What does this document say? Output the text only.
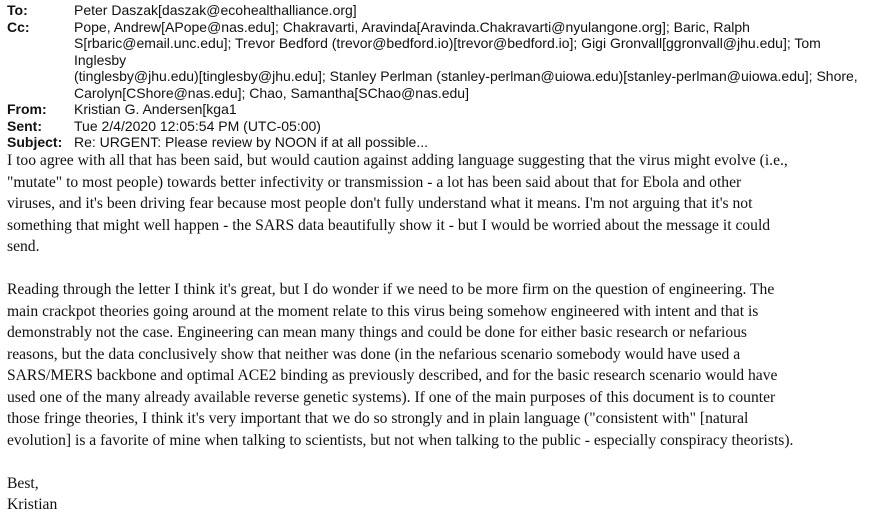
To:	Peter Daszak[daszak@ecohealthalliance.org]
Cc:	Pope, Andrew[APope@nas.edu]; Chakravarti, Aravinda[Aravinda.Chakravarti@nyulangone.org]; Baric, Ralph
S[rbaric@email.unc.edu]; Trevor Bedford (trevor@bedford.io)[trevor@bedford.io]; Gigi Gronvall[ggronvall@jhu.edu]; Tom Inglesby
(tinglesby@jhu.edu)[tinglesby@jhu.edu]; Stanley Perlman (stanley-perlman@uiowa.edu)[stanley-perlman@uiowa.edu]; Shore,
Carolyn[CShore@nas.edu]; Chao, Samantha[SChao@nas.edu]
From:	Kristian G. Andersen[kga1
Sent:	Tue 2/4/2020 12:05:54 PM (UTC-05:00)
Subject: Re: URGENT: Please review by NOON if at all possible...

I too agree with all that has been said, but would caution against adding language suggesting that the virus might evolve (i.e.,
"mutate" to most people) towards better infectivity or transmission - a lot has been said about that for Ebola and other
viruses, and it's been driving fear because most people don't fully understand what it means. I'm not arguing that it's not
something that might well happen - the SARS data beautifully show it - but I would be worried about the message it could
send.

Reading through the letter I think it's great, but I do wonder if we need to be more firm on the question of engineering. The
main crackpot theories going around at the moment relate to this virus being somehow engineered with intent and that is
demonstrably not the case. Engineering can mean many things and could be done for either basic research or nefarious
reasons, but the data conclusively show that neither was done (in the nefarious scenario somebody would have used a
SARS/MERS backbone and optimal ACE2 binding as previously described, and for the basic research scenario would have
used one of the many already available reverse genetic systems). If one of the main purposes of this document is to counter
those fringe theories, I think it's very important that we do so strongly and in plain language ("consistent with" [natural
evolution] is a favorite of mine when talking to scientists, but not when talking to the public - especially conspiracy theorists).

Best,
Kristian
